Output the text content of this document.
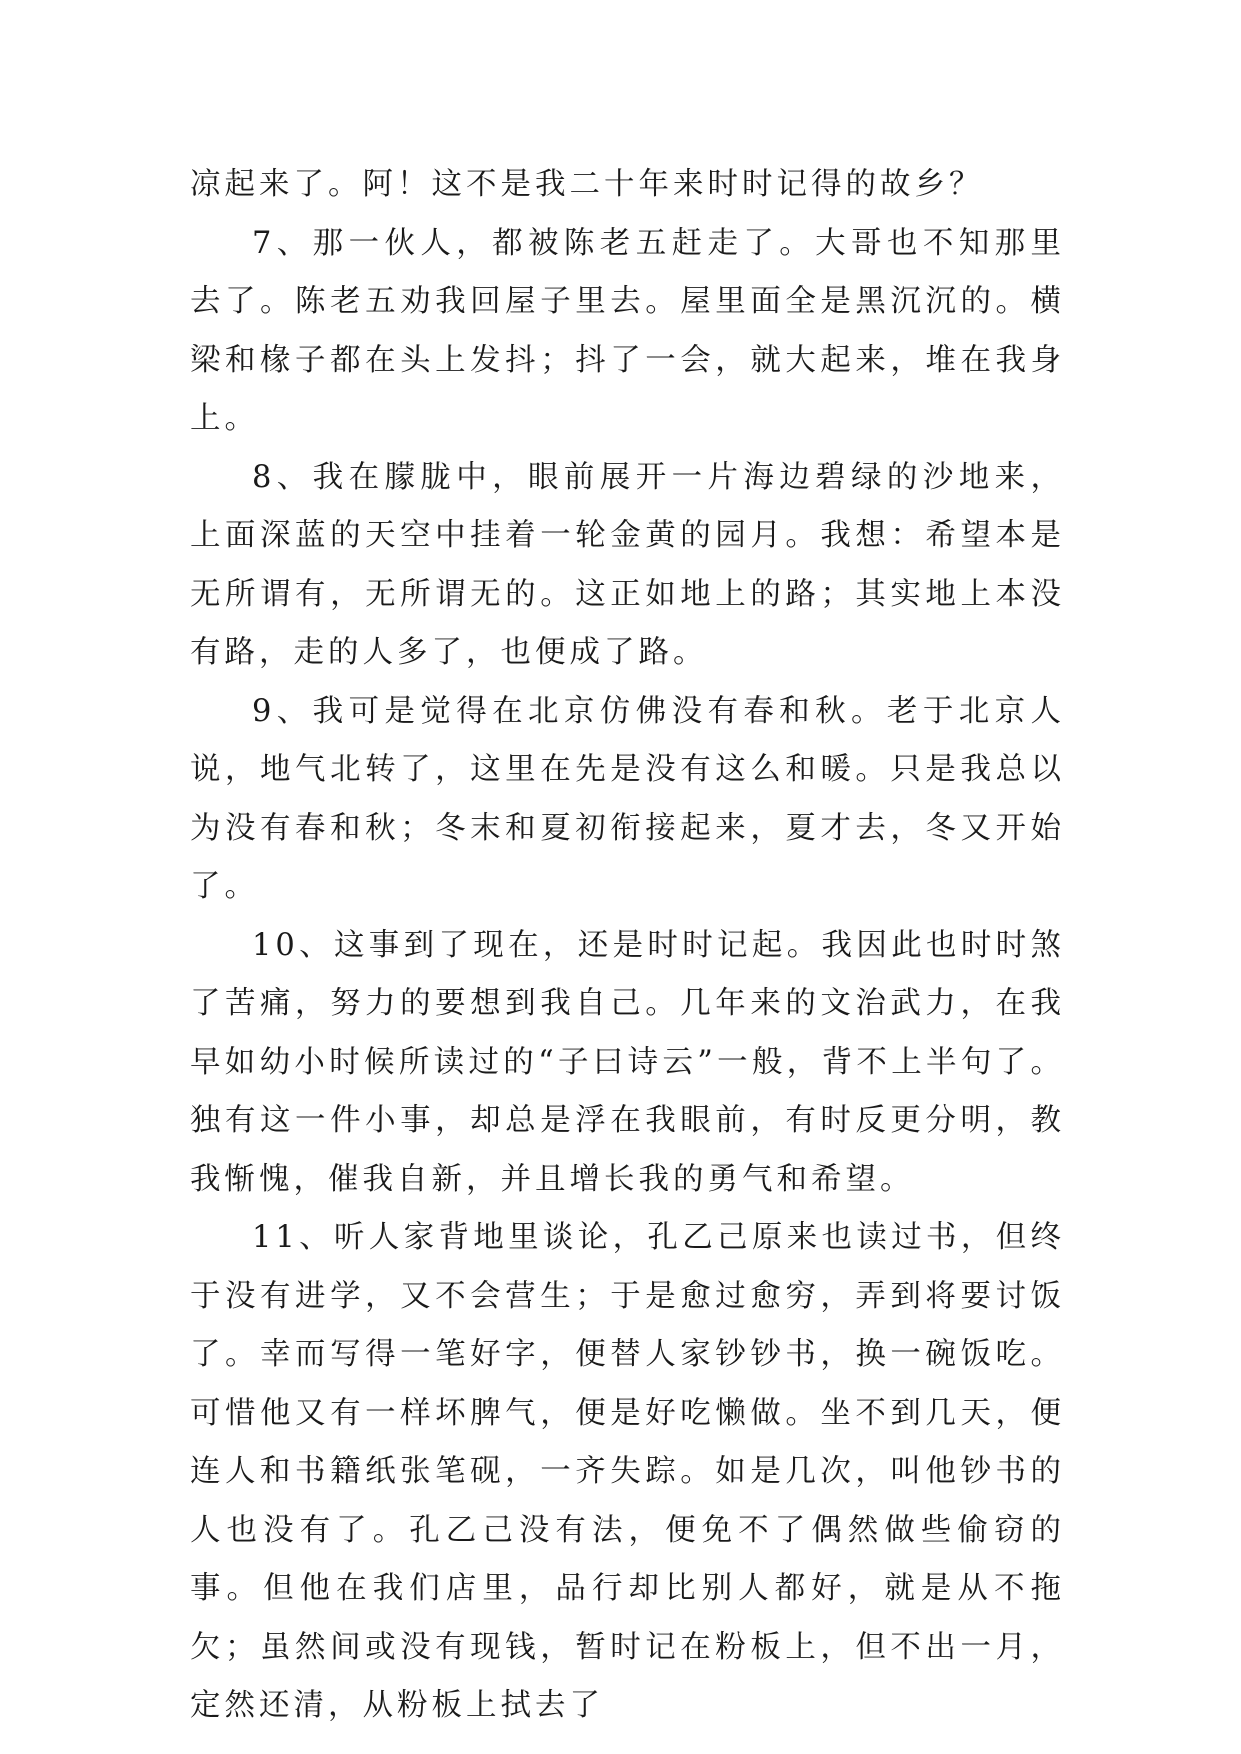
凉起来了。阿！这不是我二十年来时时记得的故乡？

7、那一伙人，都被陈老五赶走了。大哥也不知那里去了。陈老五劝我回屋子里去。屋里面全是黑沉沉的。横梁和椽子都在头上发抖；抖了一会，就大起来，堆在我身上。

8、我在朦胧中，眼前展开一片海边碧绿的沙地来，上面深蓝的天空中挂着一轮金黄的园月。我想：希望本是无所谓有，无所谓无的。这正如地上的路；其实地上本没有路，走的人多了，也便成了路。

9、我可是觉得在北京仿佛没有春和秋。老于北京人说，地气北转了，这里在先是没有这么和暖。只是我总以为没有春和秋；冬末和夏初衔接起来，夏才去，冬又开始了。

10、这事到了现在，还是时时记起。我因此也时时煞了苦痛，努力的要想到我自己。几年来的文治武力，在我早如幼小时候所读过的“子曰诗云”一般，背不上半句了。独有这一件小事，却总是浮在我眼前，有时反更分明，教我惭愧，催我自新，并且增长我的勇气和希望。

11、听人家背地里谈论，孔乙己原来也读过书，但终于没有进学，又不会营生；于是愈过愈穷，弄到将要讨饭了。幸而写得一笔好字，便替人家钞钞书，换一碗饭吃。可惜他又有一样坏脾气，便是好吃懒做。坐不到几天，便连人和书籍纸张笔砚，一齐失踪。如是几次，叫他钞书的人也没有了。孔乙己没有法，便免不了偶然做些偷窃的事。但他在我们店里，品行却比别人都好，就是从不拖欠；虽然间或没有现钱，暂时记在粉板上，但不出一月，定然还清，从粉板上拭去了
